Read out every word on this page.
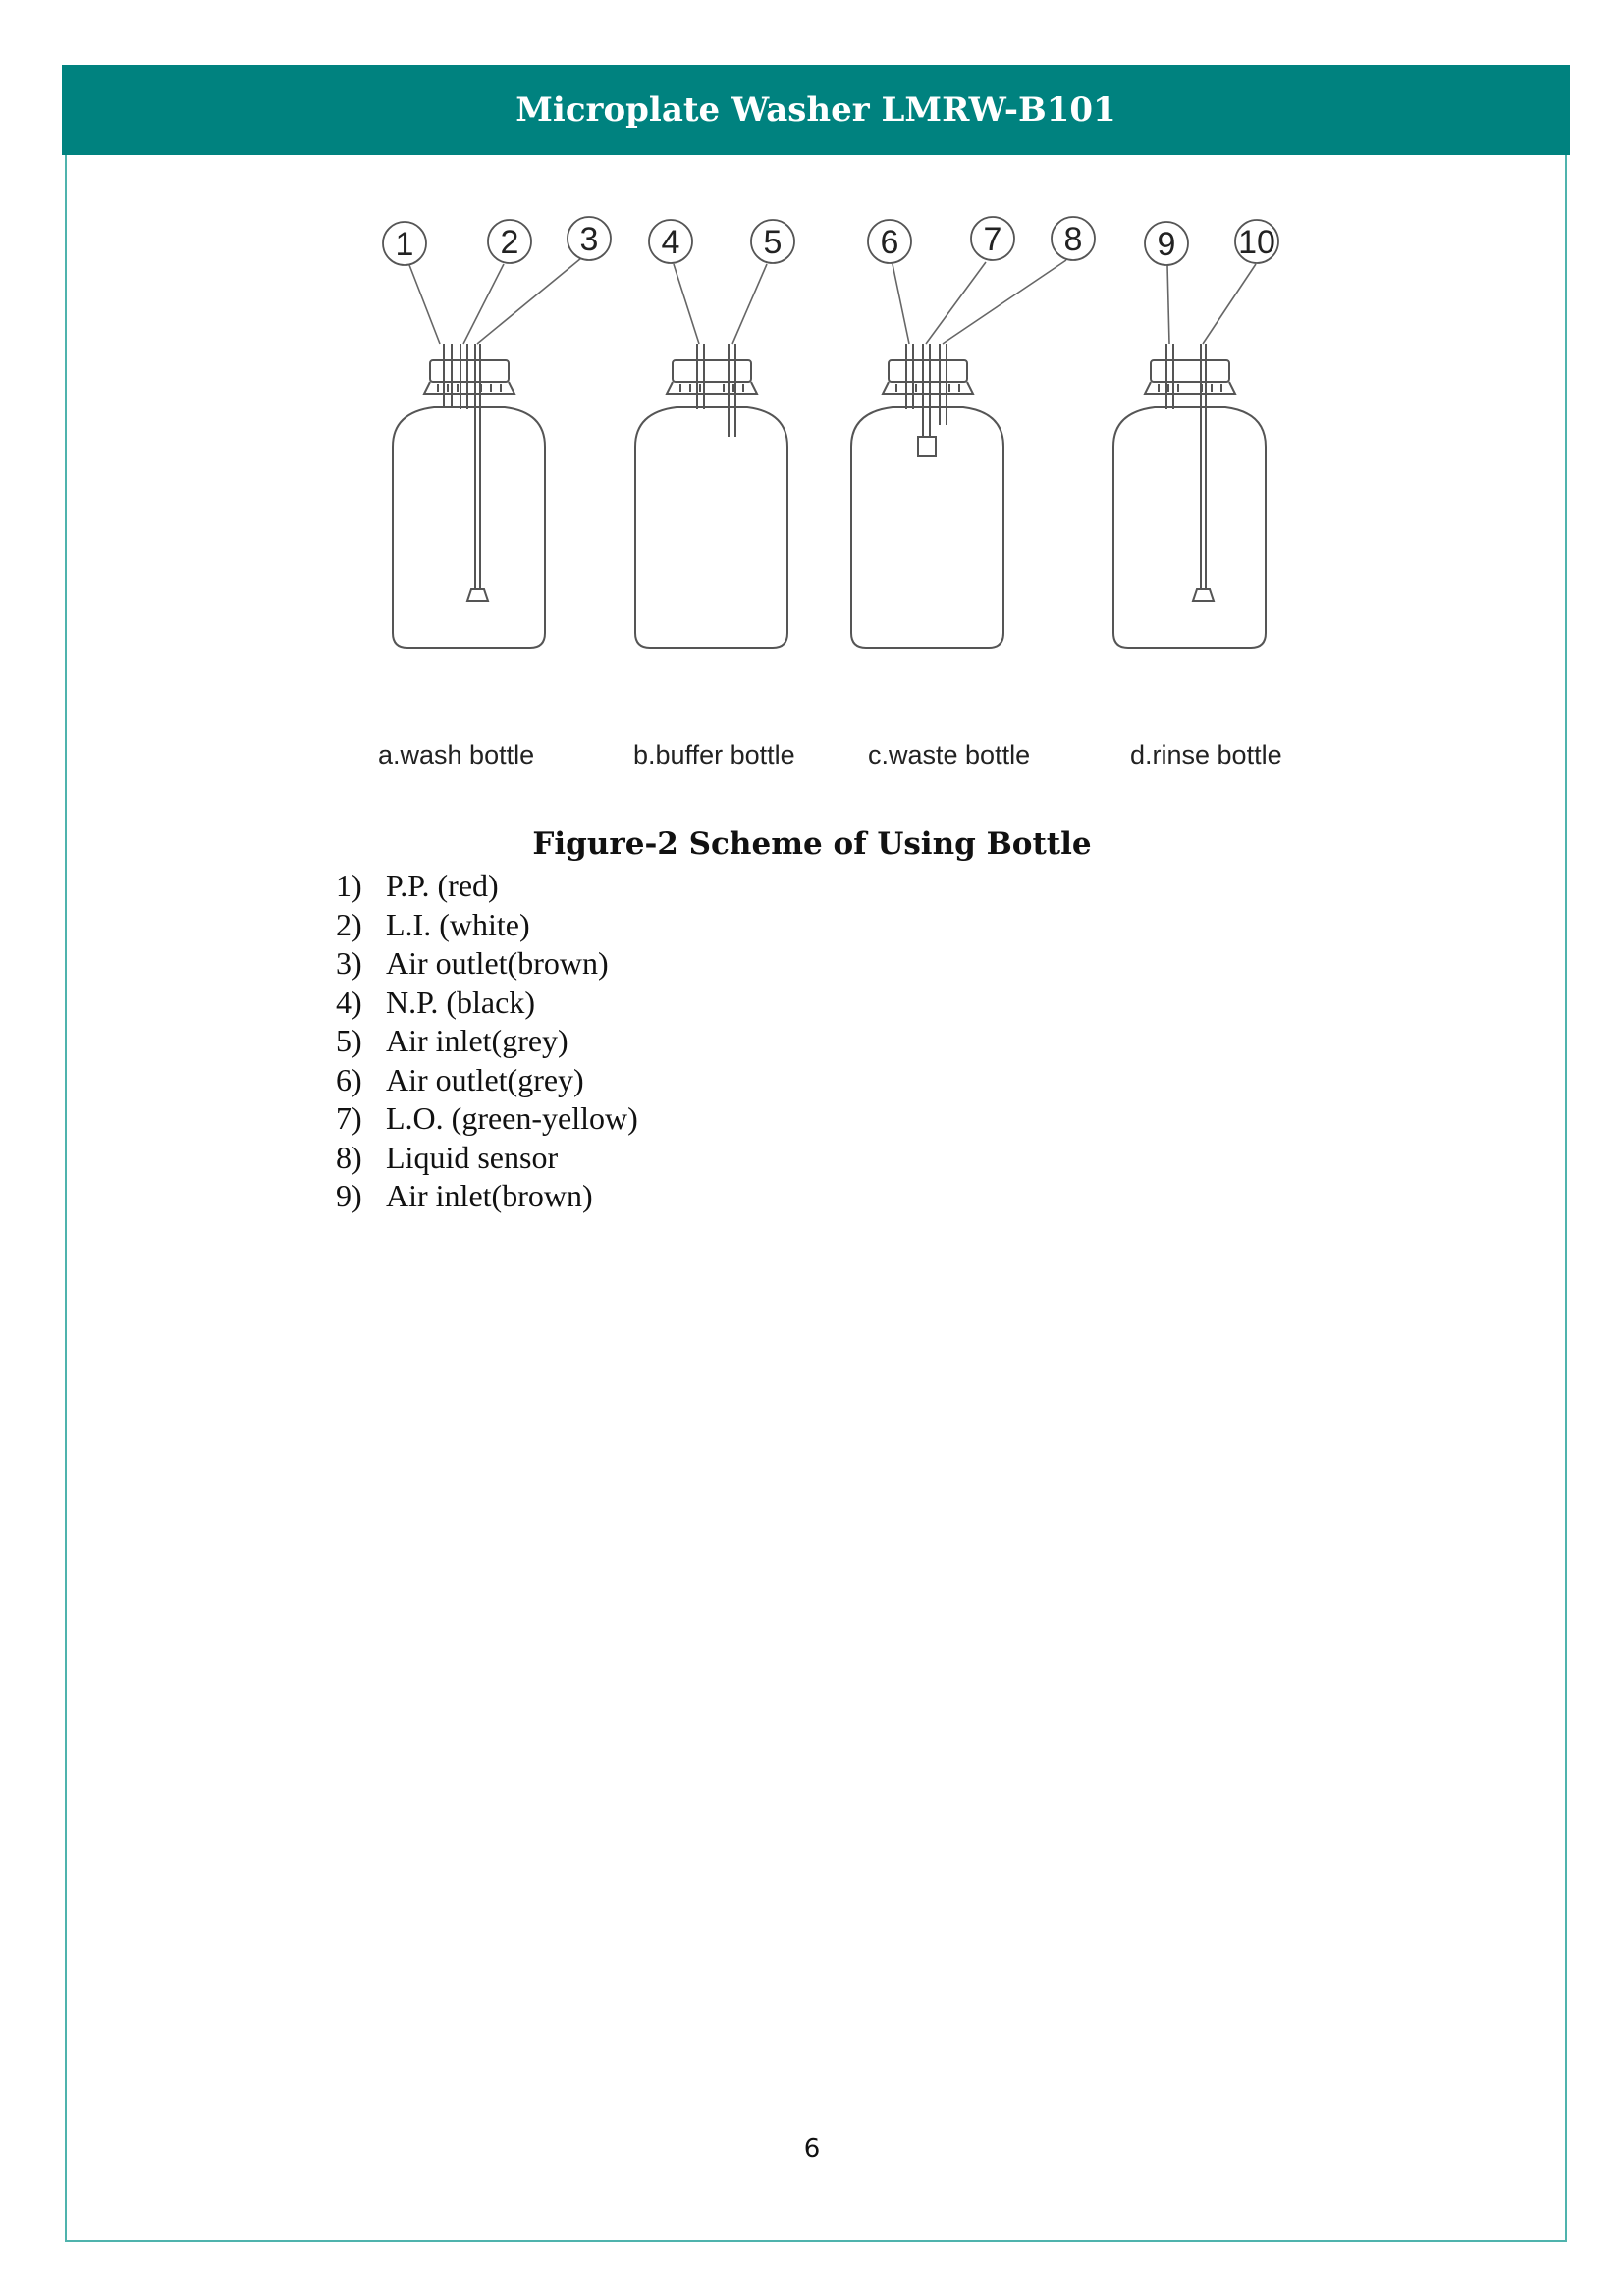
Microplate Washer LMRW-B101
1	2 3 4	5	6	7 8 9 10
a.wash bottle	b.buffer bottle	c.waste bottle	d.rinse bottle
Figure-2 Scheme of Using Bottle
1) P.P. (red)
2) L.I. (white)
3) Air outlet(brown)
4) N.P. (black)
5) Air inlet(grey)
6) Air outlet(grey)
7) L.O. (green-yellow)
8) Liquid sensor
9) Air inlet(brown)
6
